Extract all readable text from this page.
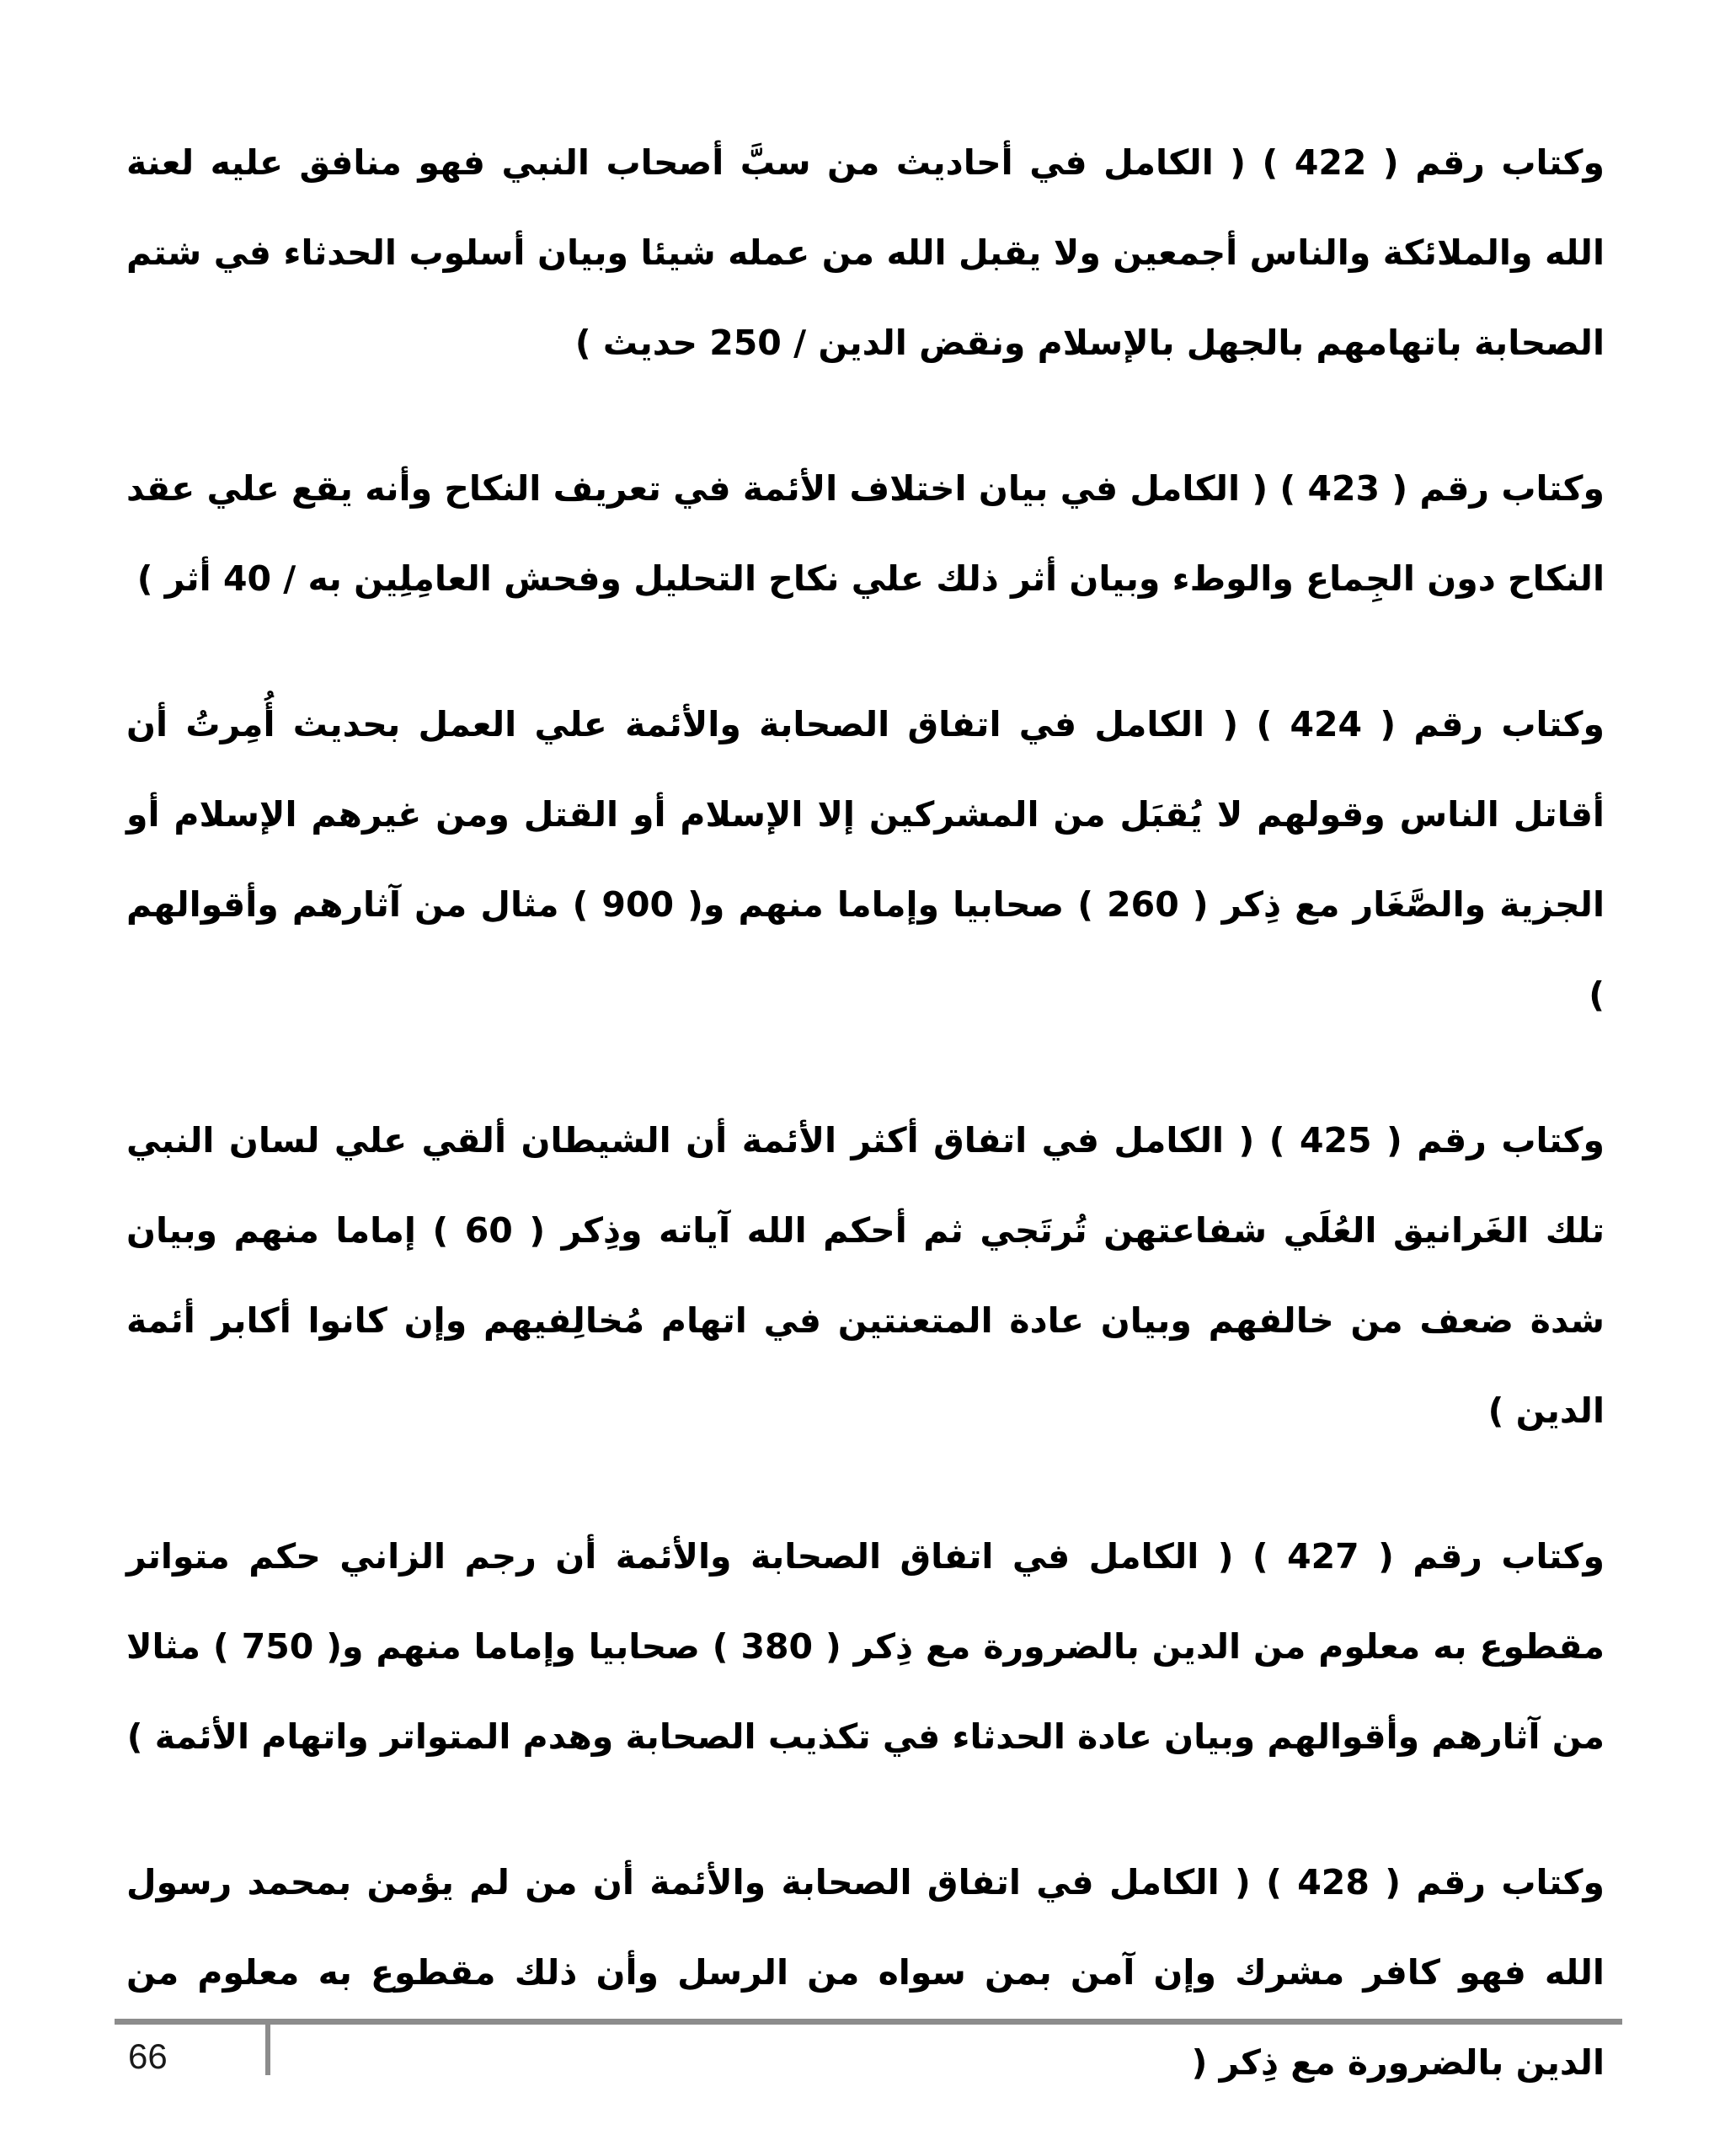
وكتاب رقم ( 422 ) ( الكامل في أحاديث من سبَّ أصحاب النبي فهو منافق عليه لعنة الله والملائكة والناس أجمعين ولا يقبل الله من عمله شيئا وبيان أسلوب الحدثاء في شتم الصحابة باتهامهم بالجهل بالإسلام ونقض الدين / 250 حديث )

وكتاب رقم ( 423 ) ( الكامل في بيان اختلاف الأئمة في تعريف النكاح وأنه يقع علي عقد النكاح دون الجِماع والوطء وبيان أثر ذلك علي نكاح التحليل وفحش العامِلِين به / 40 أثر )

وكتاب رقم ( 424 ) ( الكامل في اتفاق الصحابة والأئمة علي العمل بحديث أُمِرتُ أن أقاتل الناس وقولهم لا يُقبَل من المشركين إلا الإسلام أو القتل ومن غيرهم الإسلام أو الجزية والصَّغَار مع ذِكر ( 260 ) صحابيا وإماما منهم و( 900 ) مثال من آثارهم وأقوالهم )

وكتاب رقم ( 425 ) ( الكامل في اتفاق أكثر الأئمة أن الشيطان ألقي علي لسان النبي تلك الغَرانيق العُلَي شفاعتهن تُرتَجي ثم أحكم الله آياته وذِكر ( 60 ) إماما منهم وبيان شدة ضعف من خالفهم وبيان عادة المتعنتين في اتهام مُخالِفيهم وإن كانوا أكابر أئمة الدين )

وكتاب رقم ( 427 ) ( الكامل في اتفاق الصحابة والأئمة أن رجم الزاني حكم متواتر مقطوع به معلوم من الدين بالضرورة مع ذِكر ( 380 ) صحابيا وإماما منهم و( 750 ) مثالا من آثارهم وأقوالهم وبيان عادة الحدثاء في تكذيب الصحابة وهدم المتواتر واتهام الأئمة )

وكتاب رقم ( 428 ) ( الكامل في اتفاق الصحابة والأئمة أن من لم يؤمن بمحمد رسول الله فهو كافر مشرك وإن آمن بمن سواه من الرسل وأن ذلك مقطوع به معلوم من الدين بالضرورة مع ذِكر (

66
